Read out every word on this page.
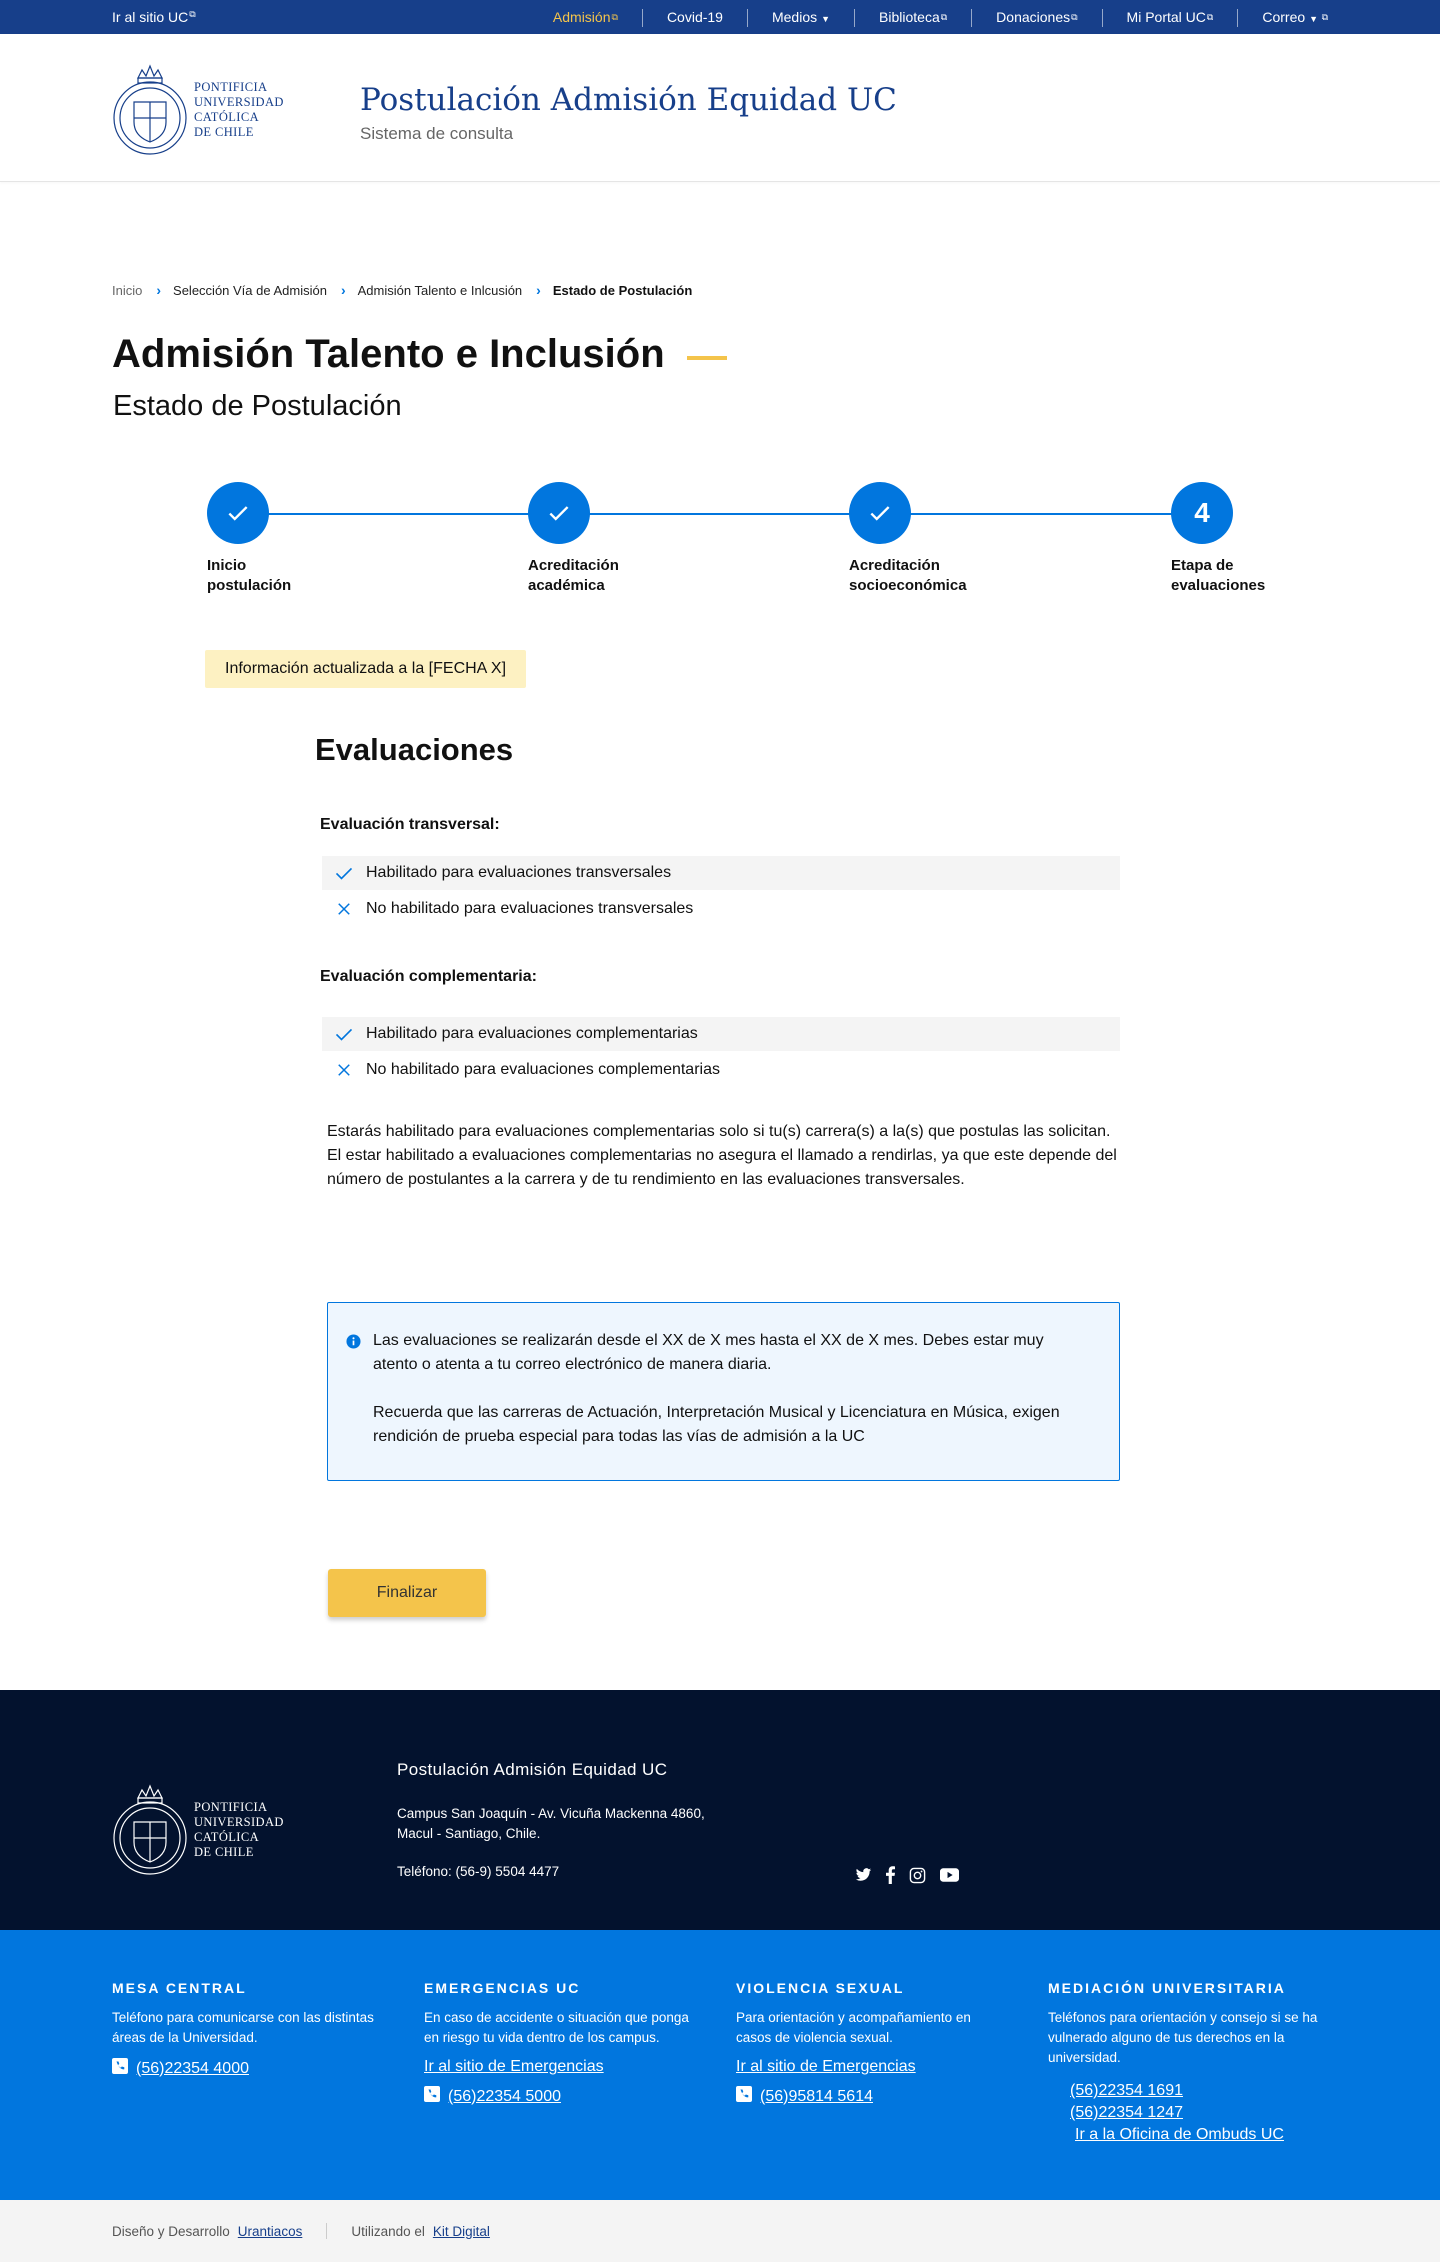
Ir al sitio UC⧉	Admisión⧉	Covid-19	Medios ▼	Biblioteca⧉	Donaciones⧉	Mi Portal UC⧉	Correo ▼ ⧉
PONTIFICIA
UNIVERSIDAD
CATÓLICA
DE CHILE
Postulación Admisión Equidad UC

Sistema de consulta

Inicio › Selección Vía de Admisión › Admisión Talento e Inlcusión › Estado de Postulación
Admisión Talento e Inclusión
Estado de Postulación
Inicio
postulación
Acreditación
académica
Acreditación
socioeconómica
4
Etapa de
evaluaciones
Información actualizada a la [FECHA X]
Evaluaciones
Evaluación transversal:
Habilitado para evaluaciones transversales
No habilitado para evaluaciones transversales
Evaluación complementaria:
Habilitado para evaluaciones complementarias
No habilitado para evaluaciones complementarias
Estarás habilitado para evaluaciones complementarias solo si tu(s) carrera(s) a la(s) que postulas las solicitan. El estar habilitado a evaluaciones complementarias no asegura el llamado a rendirlas, ya que este depende del número de postulantes a la carrera y de tu rendimiento en las evaluaciones transversales.

Las evaluaciones se realizarán desde el XX de X mes hasta el XX de X mes. Debes estar muy atento o atenta a tu correo electrónico de manera diaria.

Recuerda que las carreras de Actuación, Interpretación Musical y Licenciatura en Música, exigen rendición de prueba especial para todas las vías de admisión a la UC

Finalizar
PONTIFICIA
UNIVERSIDAD
CATÓLICA
DE CHILE
Postulación Admisión Equidad UC
Campus San Joaquín - Av. Vicuña Mackenna 4860,
Macul - Santiago, Chile.
Teléfono: (56-9) 5504 4477
MESA CENTRAL

Teléfono para comunicarse con las distintas áreas de la Universidad.

(56)22354 4000
EMERGENCIAS UC

En caso de accidente o situación que ponga en riesgo tu vida dentro de los campus.

Ir al sitio de Emergencias
(56)22354 5000
VIOLENCIA SEXUAL

Para orientación y acompañamiento en casos de violencia sexual.

Ir al sitio de Emergencias
(56)95814 5614
MEDIACIÓN UNIVERSITARIA

Teléfonos para orientación y consejo si se ha vulnerado alguno de tus derechos en la universidad.

(56)22354 1691
(56)22354 1247
Ir a la Oficina de Ombuds UC
Diseño y Desarrollo Urantiacos	Utilizando el Kit Digital
